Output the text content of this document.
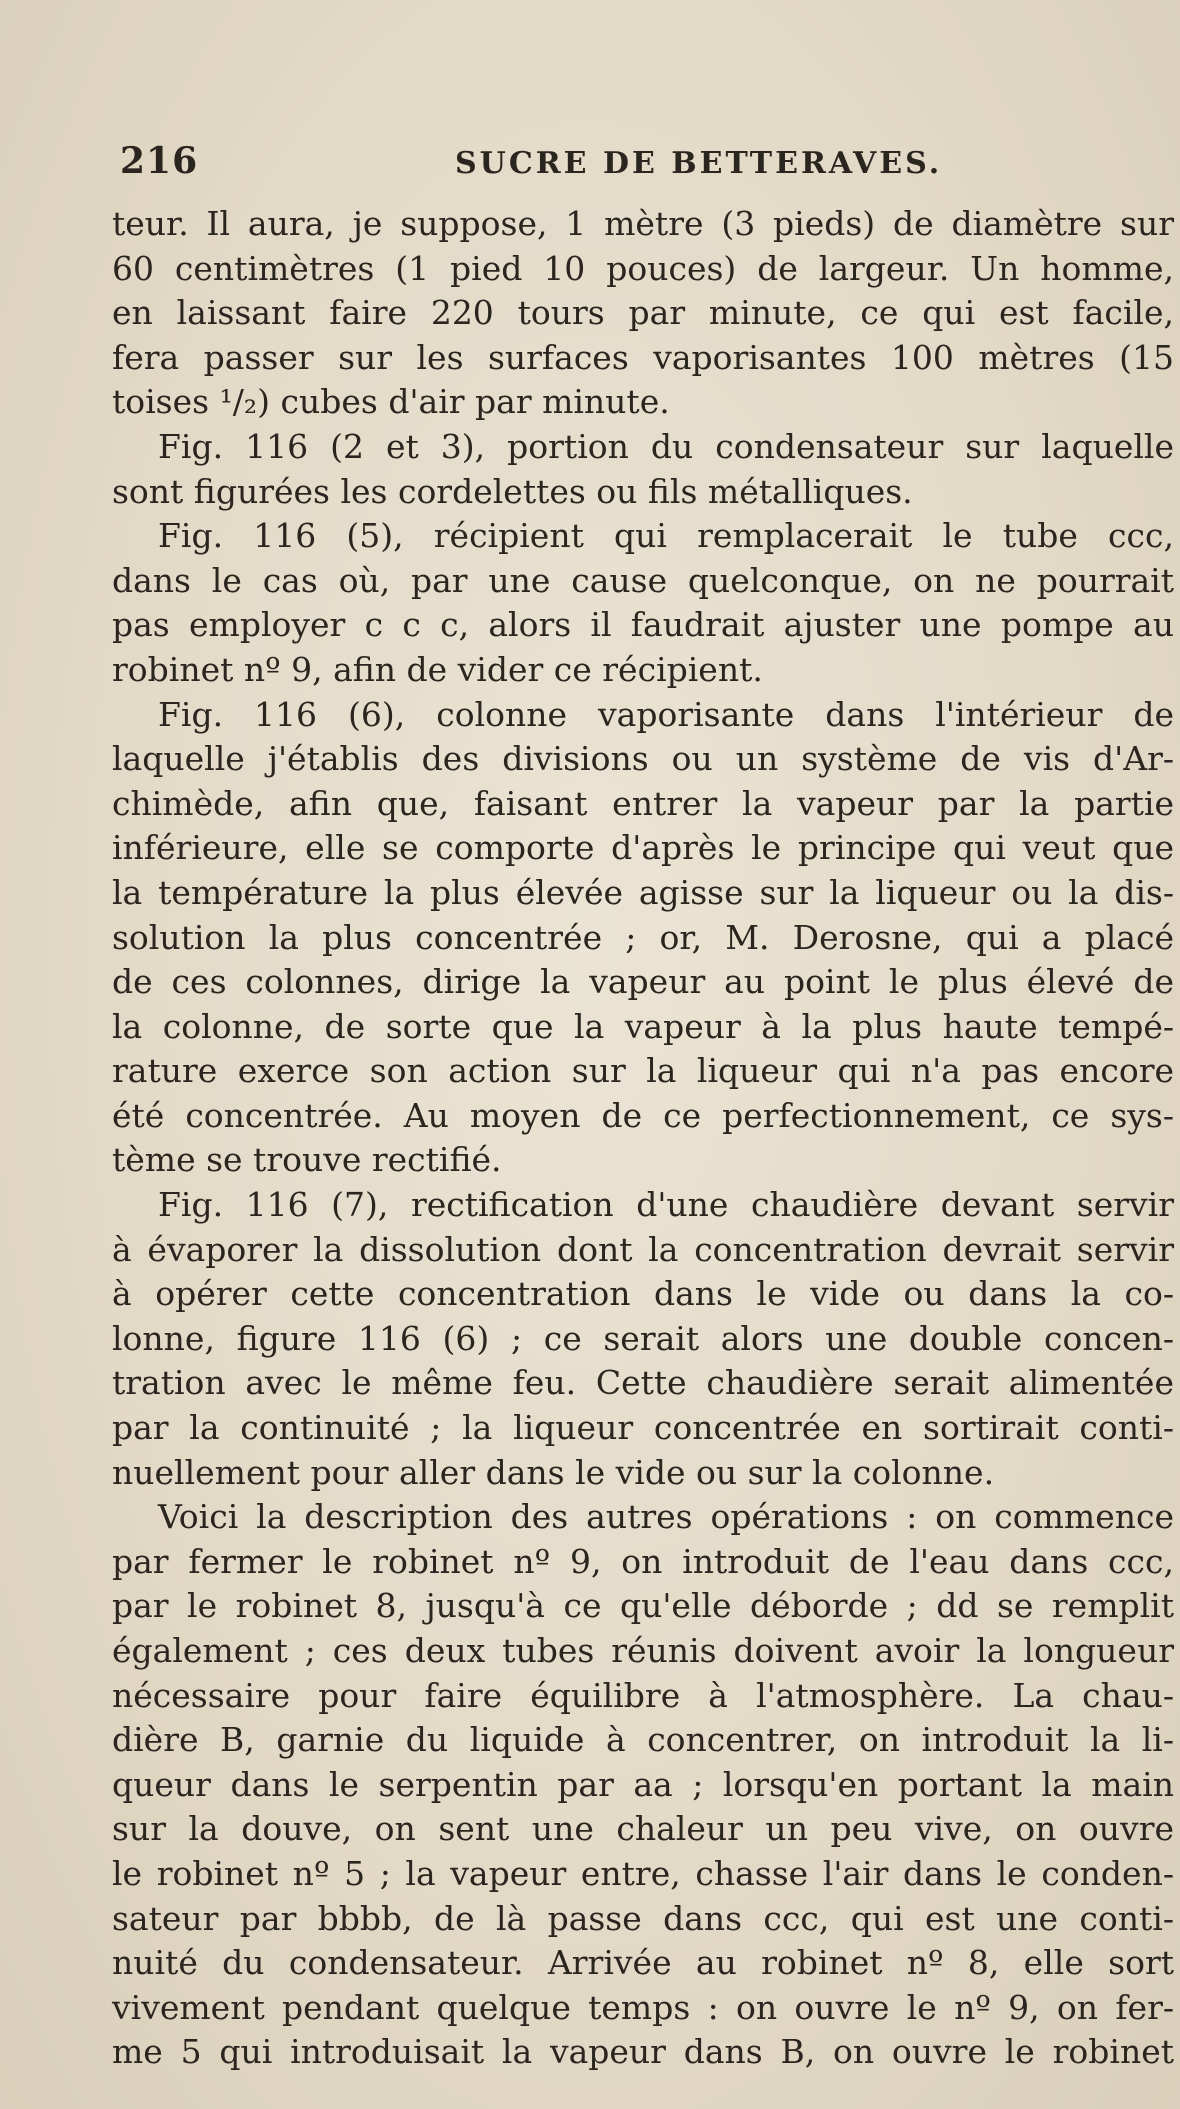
216	SUCRE DE BETTERAVES.
teur. Il aura, je suppose, 1 mètre (3 pieds) de diamètre sur
60 centimètres (1 pied 10 pouces) de largeur. Un homme,
en laissant faire 220 tours par minute, ce qui est facile,
fera passer sur les surfaces vaporisantes 100 mètres (15
toises ¹/₂) cubes d'air par minute.
Fig. 116 (2 et 3), portion du condensateur sur laquelle
sont figurées les cordelettes ou fils métalliques.
Fig. 116 (5), récipient qui remplacerait le tube ccc,
dans le cas où, par une cause quelconque, on ne pourrait
pas employer c c c, alors il faudrait ajuster une pompe au
robinet nº 9, afin de vider ce récipient.
Fig. 116 (6), colonne vaporisante dans l'intérieur de
laquelle j'établis des divisions ou un système de vis d'Ar-
chimède, afin que, faisant entrer la vapeur par la partie
inférieure, elle se comporte d'après le principe qui veut que
la température la plus élevée agisse sur la liqueur ou la dis-
solution la plus concentrée ; or, M. Derosne, qui a placé
de ces colonnes, dirige la vapeur au point le plus élevé de
la colonne, de sorte que la vapeur à la plus haute tempé-
rature exerce son action sur la liqueur qui n'a pas encore
été concentrée. Au moyen de ce perfectionnement, ce sys-
tème se trouve rectifié.
Fig. 116 (7), rectification d'une chaudière devant servir
à évaporer la dissolution dont la concentration devrait servir
à opérer cette concentration dans le vide ou dans la co-
lonne, figure 116 (6) ; ce serait alors une double concen-
tration avec le même feu. Cette chaudière serait alimentée
par la continuité ; la liqueur concentrée en sortirait conti-
nuellement pour aller dans le vide ou sur la colonne.
Voici la description des autres opérations : on commence
par fermer le robinet nº 9, on introduit de l'eau dans ccc,
par le robinet 8, jusqu'à ce qu'elle déborde ; dd se remplit
également ; ces deux tubes réunis doivent avoir la longueur
nécessaire pour faire équilibre à l'atmosphère. La chau-
dière B, garnie du liquide à concentrer, on introduit la li-
queur dans le serpentin par aa ; lorsqu'en portant la main
sur la douve, on sent une chaleur un peu vive, on ouvre
le robinet nº 5 ; la vapeur entre, chasse l'air dans le conden-
sateur par bbbb, de là passe dans ccc, qui est une conti-
nuité du condensateur. Arrivée au robinet nº 8, elle sort
vivement pendant quelque temps : on ouvre le nº 9, on fer-
me 5 qui introduisait la vapeur dans B, on ouvre le robinet
